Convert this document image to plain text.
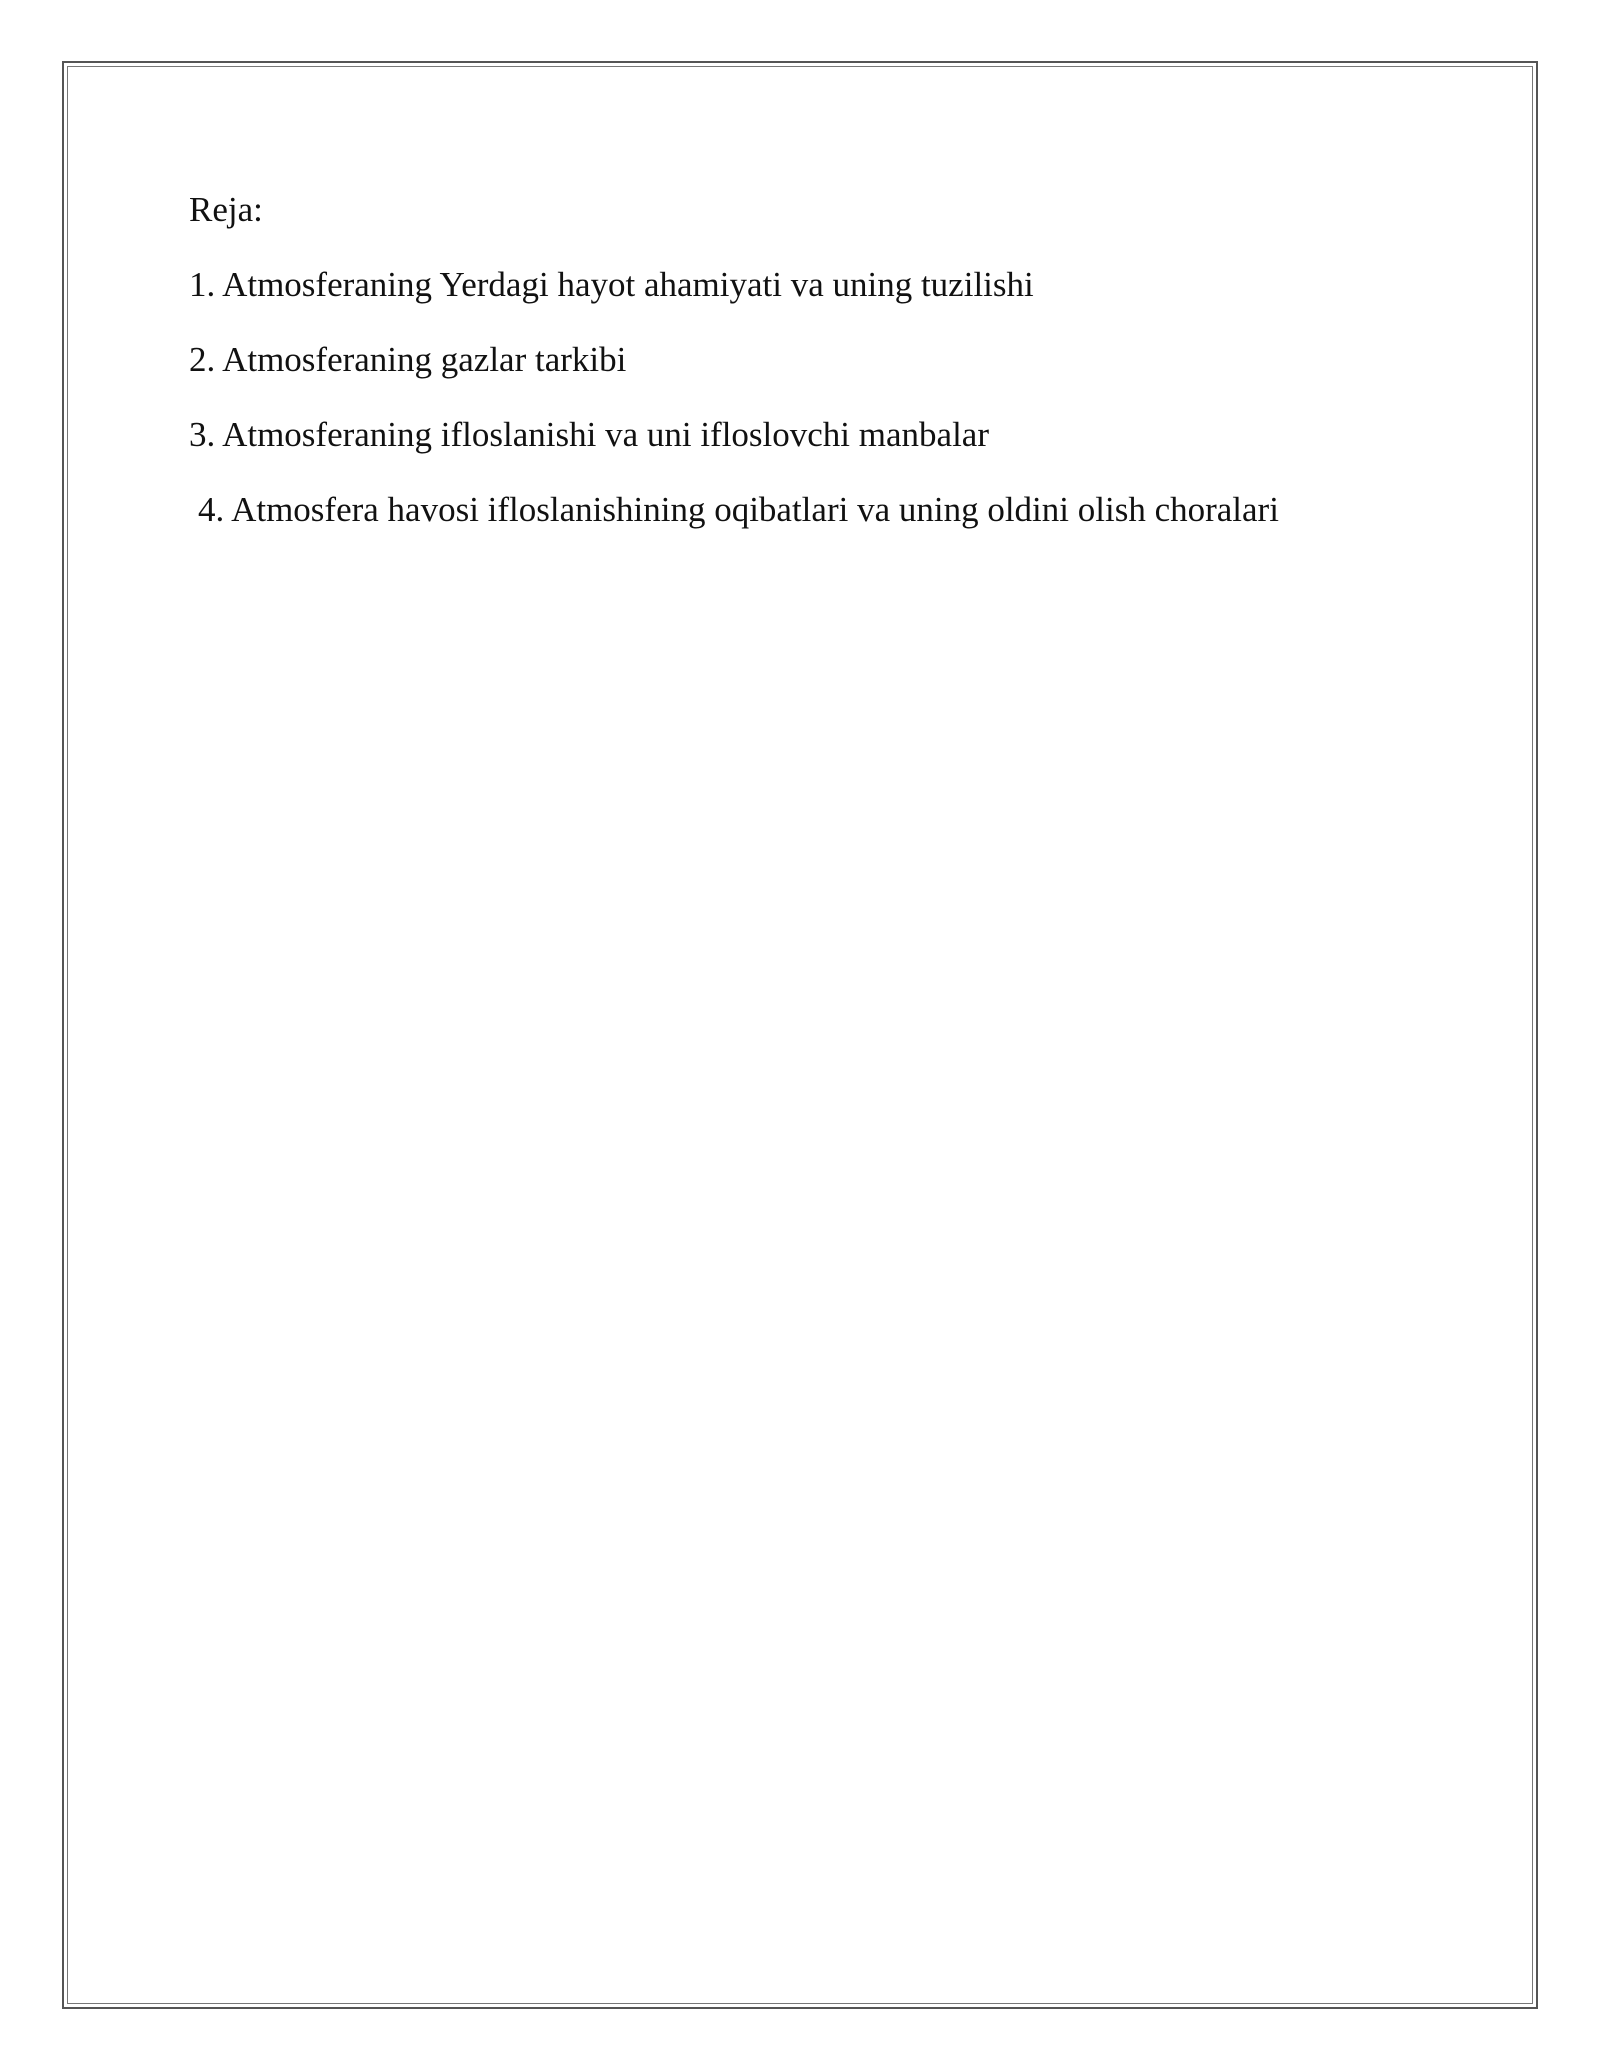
Reja:

1. Atmosferaning Yerdagi hayot ahamiyati va uning tuzilishi
2. Atmosferaning gazlar tarkibi
3. Atmosferaning ifloslanishi va uni ifloslovchi manbalar
4. Atmosfera havosi ifloslanishining oqibatlari va uning oldini olish choralari
